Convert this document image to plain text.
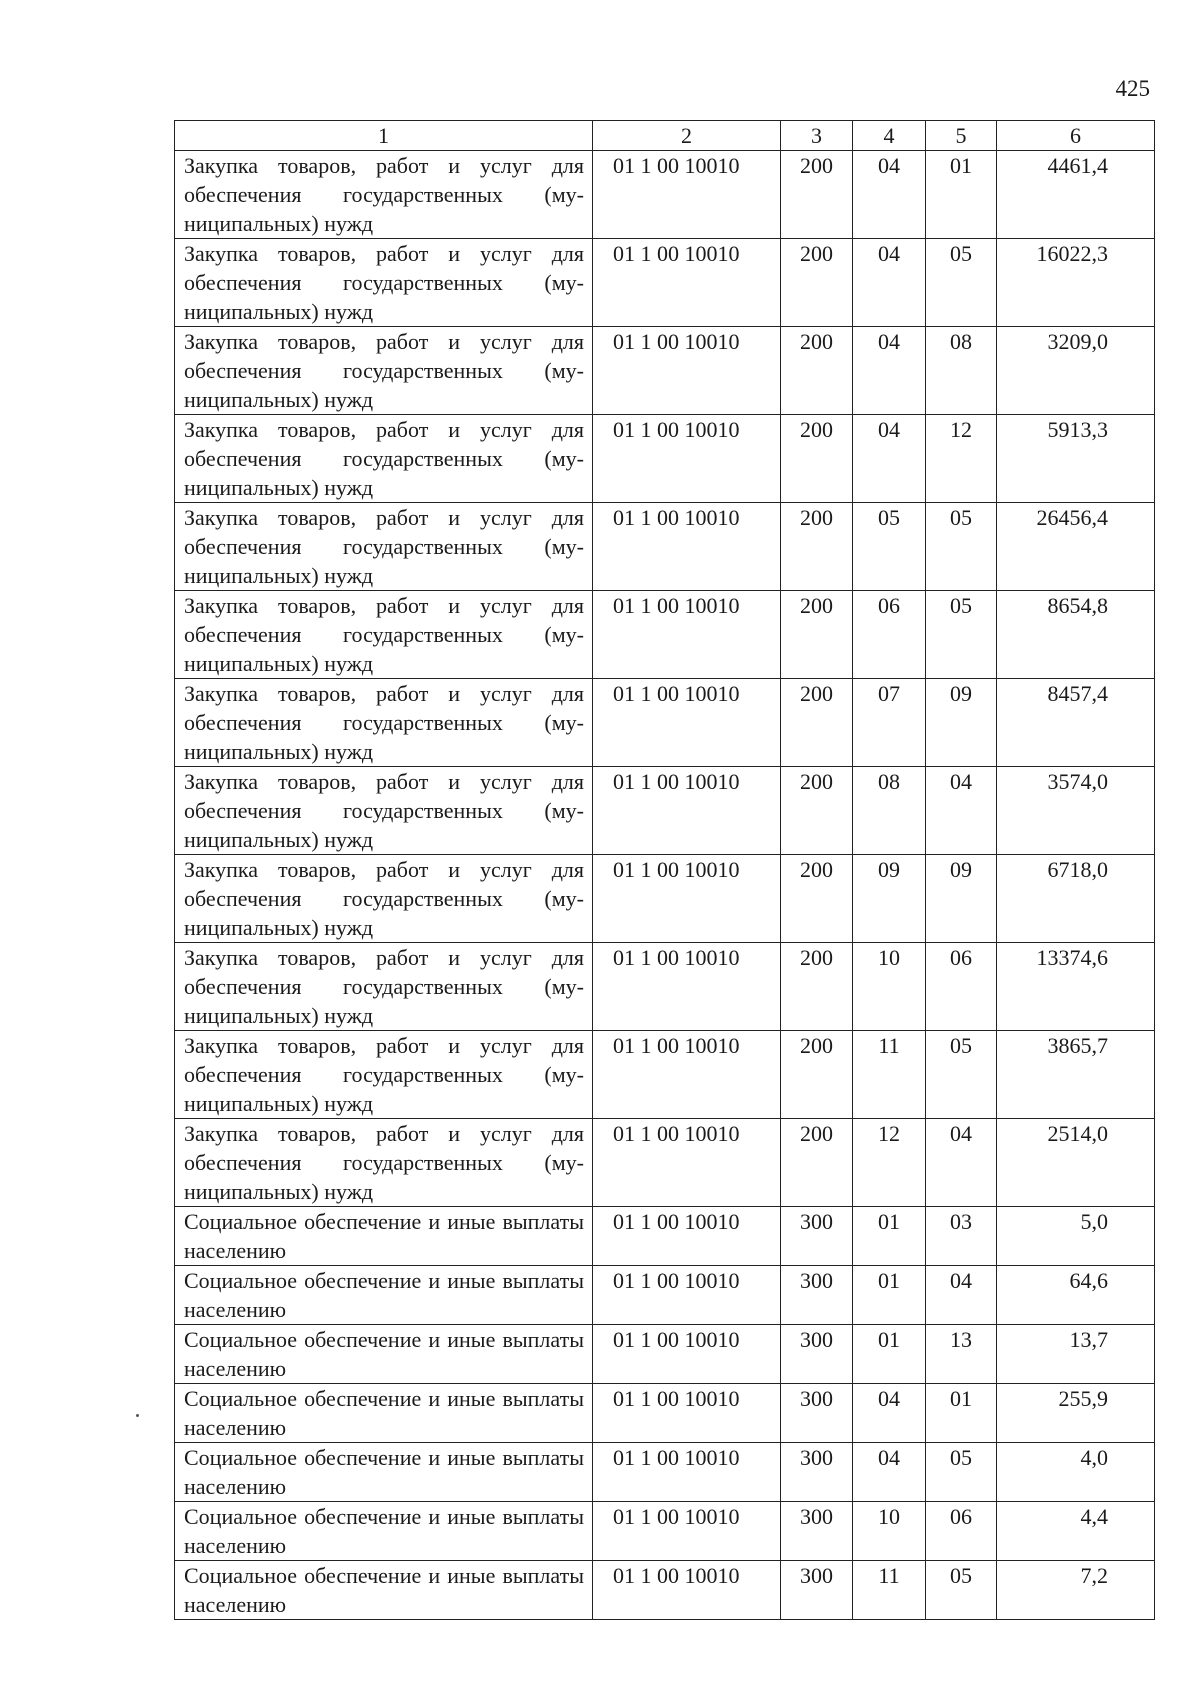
425
1	2	3	4	5	6
Закупка товаров, работ и услуг для обеспечения государственных (муниципальных) нужд	01 1 00 10010	200	04	01	4461,4
Закупка товаров, работ и услуг для обеспечения государственных (муниципальных) нужд	01 1 00 10010	200	04	05	16022,3
Закупка товаров, работ и услуг для обеспечения государственных (муниципальных) нужд	01 1 00 10010	200	04	08	3209,0
Закупка товаров, работ и услуг для обеспечения государственных (муниципальных) нужд	01 1 00 10010	200	04	12	5913,3
Закупка товаров, работ и услуг для обеспечения государственных (муниципальных) нужд	01 1 00 10010	200	05	05	26456,4
Закупка товаров, работ и услуг для обеспечения государственных (муниципальных) нужд	01 1 00 10010	200	06	05	8654,8
Закупка товаров, работ и услуг для обеспечения государственных (муниципальных) нужд	01 1 00 10010	200	07	09	8457,4
Закупка товаров, работ и услуг для обеспечения государственных (муниципальных) нужд	01 1 00 10010	200	08	04	3574,0
Закупка товаров, работ и услуг для обеспечения государственных (муниципальных) нужд	01 1 00 10010	200	09	09	6718,0
Закупка товаров, работ и услуг для обеспечения государственных (муниципальных) нужд	01 1 00 10010	200	10	06	13374,6
Закупка товаров, работ и услуг для обеспечения государственных (муниципальных) нужд	01 1 00 10010	200	11	05	3865,7
Закупка товаров, работ и услуг для обеспечения государственных (муниципальных) нужд	01 1 00 10010	200	12	04	2514,0
Социальное обеспечение и иные выплаты населению	01 1 00 10010	300	01	03	5,0
Социальное обеспечение и иные выплаты населению	01 1 00 10010	300	01	04	64,6
Социальное обеспечение и иные выплаты населению	01 1 00 10010	300	01	13	13,7
Социальное обеспечение и иные выплаты населению	01 1 00 10010	300	04	01	255,9
Социальное обеспечение и иные выплаты населению	01 1 00 10010	300	04	05	4,0
Социальное обеспечение и иные выплаты населению	01 1 00 10010	300	10	06	4,4
Социальное обеспечение и иные выплаты населению	01 1 00 10010	300	11	05	7,2
